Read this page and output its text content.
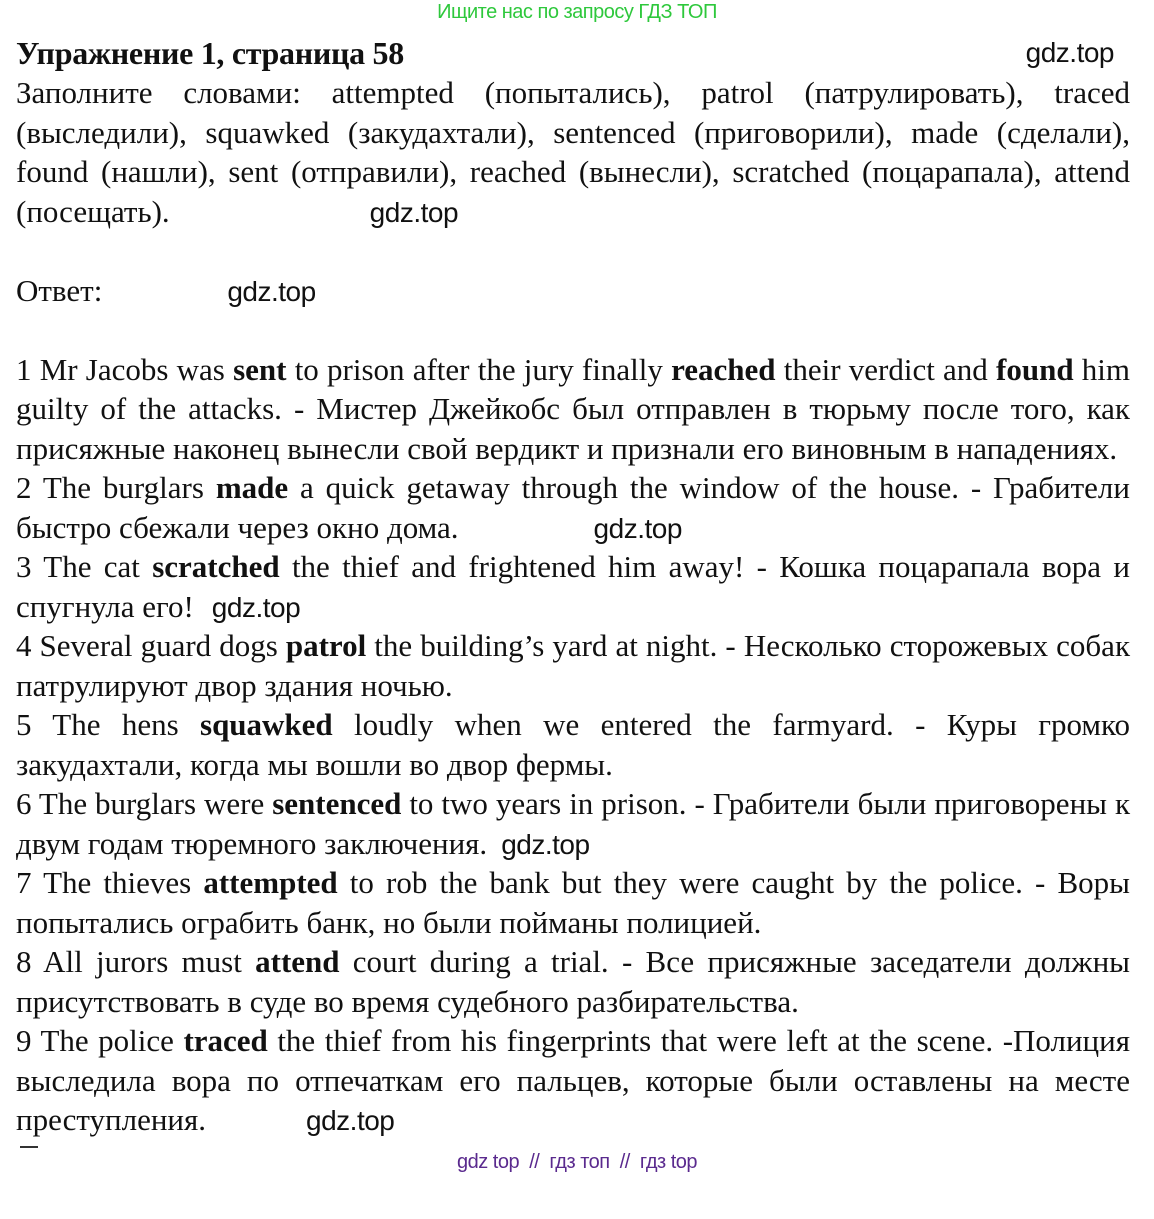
Ищите нас по запросу ГДЗ ТОП
Упражнение 1, страница 58	gdz.top
Заполните словами: attempted (попытались), patrol (патрулировать), traced (выследили), squawked (закудахтали), sentenced (приговорили), made (сделали), found (нашли), sent (отправили), reached (вынесли), scratched (поцарапала), attend (посещать).	gdz.top
Ответ:	gdz.top

1 Mr Jacobs was sent to prison after the jury finally reached their verdict and found him guilty of the attacks. - Мистер Джейкобс был отправлен в тюрьму после того, как присяжные наконец вынесли свой вердикт и признали его виновным в нападениях.

2 The burglars made a quick getaway through the window of the house. - Грабители быстро сбежали через окно дома.	gdz.top

3 The cat scratched the thief and frightened him away! - Кошка поцарапала вора и спугнула его! gdz.top

4 Several guard dogs patrol the building’s yard at night. - Несколько сторожевых собак патрулируют двор здания ночью.

5 The hens squawked loudly when we entered the farmyard. - Куры громко закудахтали, когда мы вошли во двор фермы.

6 The burglars were sentenced to two years in prison. - Грабители были приговорены к двум годам тюремного заключения. gdz.top

7 The thieves attempted to rob the bank but they were caught by the police. - Воры попытались ограбить банк, но были пойманы полицией.

8 All jurors must attend court during a trial. - Все присяжные заседатели должны присутствовать в суде во время судебного разбирательства.

9 The police traced the thief from his fingerprints that were left at the scene. -Полиция выследила вора по отпечаткам его пальцев, которые были оставлены на месте преступления.	gdz.top

gdz top  //  гдз топ  //  гдз top
